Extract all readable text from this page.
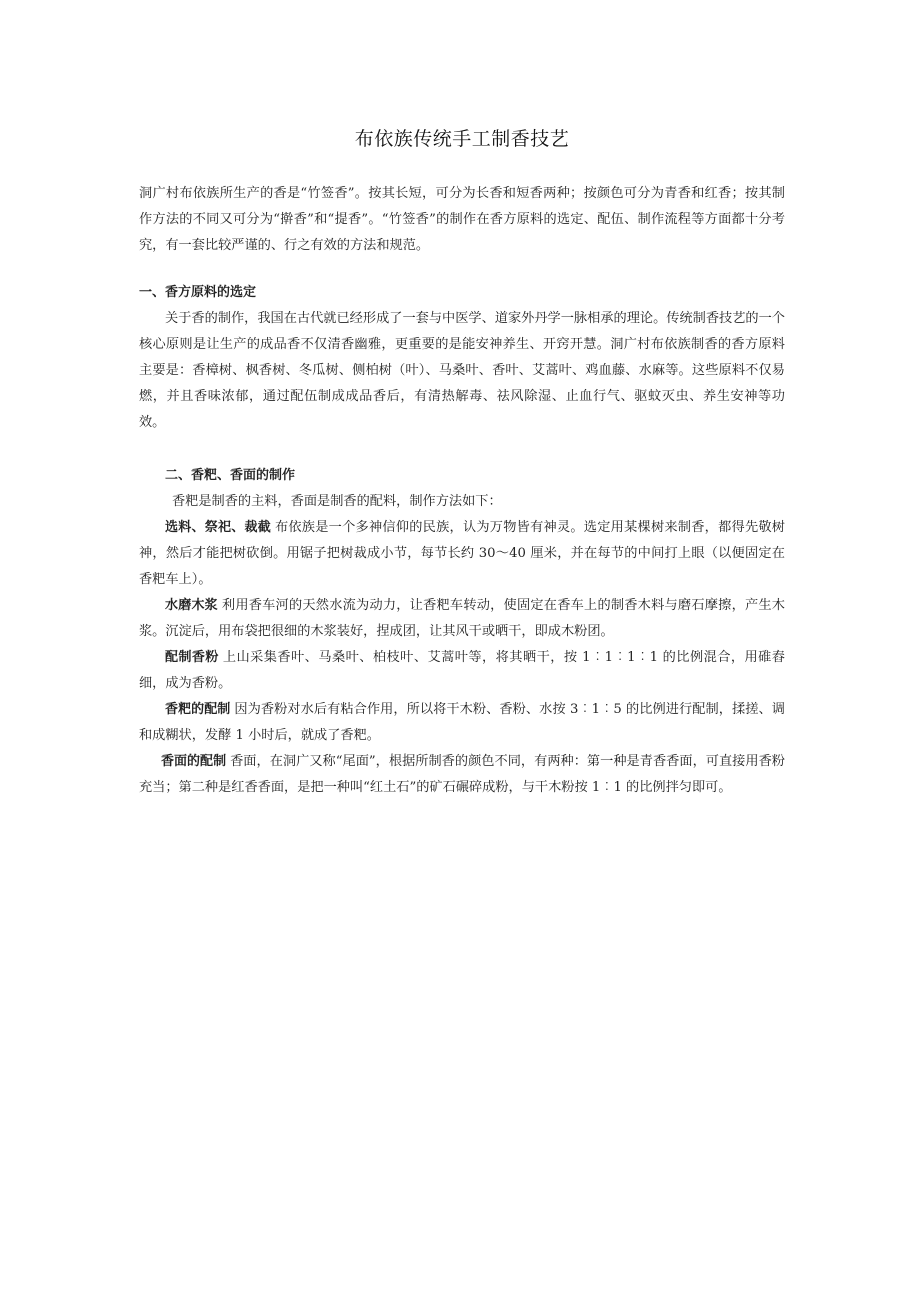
布依族传统手工制香技艺

洞广村布依族所生产的香是“竹签香”。按其长短，可分为长香和短香两种；按颜色可分为青香和红香；按其制作方法的不同又可分为“擀香”和“提香”。“竹签香”的制作在香方原料的选定、配伍、制作流程等方面都十分考究，有一套比较严谨的、行之有效的方法和规范。

一、香方原料的选定

关于香的制作，我国在古代就已经形成了一套与中医学、道家外丹学一脉相承的理论。传统制香技艺的一个核心原则是让生产的成品香不仅清香幽雅，更重要的是能安神养生、开窍开慧。洞广村布依族制香的香方原料主要是：香樟树、枫香树、冬瓜树、侧柏树（叶）、马桑叶、香叶、艾蒿叶、鸡血藤、水麻等。这些原料不仅易燃，并且香味浓郁，通过配伍制成成品香后，有清热解毒、祛风除湿、止血行气、驱蚊灭虫、养生安神等功效。

二、香粑、香面的制作

香粑是制香的主料，香面是制香的配料，制作方法如下：

选料、祭祀、裁截 布依族是一个多神信仰的民族，认为万物皆有神灵。选定用某棵树来制香，都得先敬树神，然后才能把树砍倒。用锯子把树裁成小节，每节长约 30～40 厘米，并在每节的中间打上眼（以便固定在香粑车上）。

水磨木浆 利用香车河的天然水流为动力，让香粑车转动，使固定在香车上的制香木料与磨石摩擦，产生木浆。沉淀后，用布袋把很细的木浆装好，捏成团，让其风干或晒干，即成木粉团。

配制香粉 上山采集香叶、马桑叶、柏枝叶、艾蒿叶等，将其晒干，按 1︰1︰1︰1 的比例混合，用碓舂细，成为香粉。

香粑的配制 因为香粉对水后有粘合作用，所以将干木粉、香粉、水按 3︰1︰5 的比例进行配制，揉搓、调和成糊状，发酵 1 小时后，就成了香粑。

香面的配制 香面，在洞广又称“尾面”，根据所制香的颜色不同，有两种：第一种是青香香面，可直接用香粉充当；第二种是红香香面，是把一种叫“红土石”的矿石碾碎成粉，与干木粉按 1︰1 的比例拌匀即可。
